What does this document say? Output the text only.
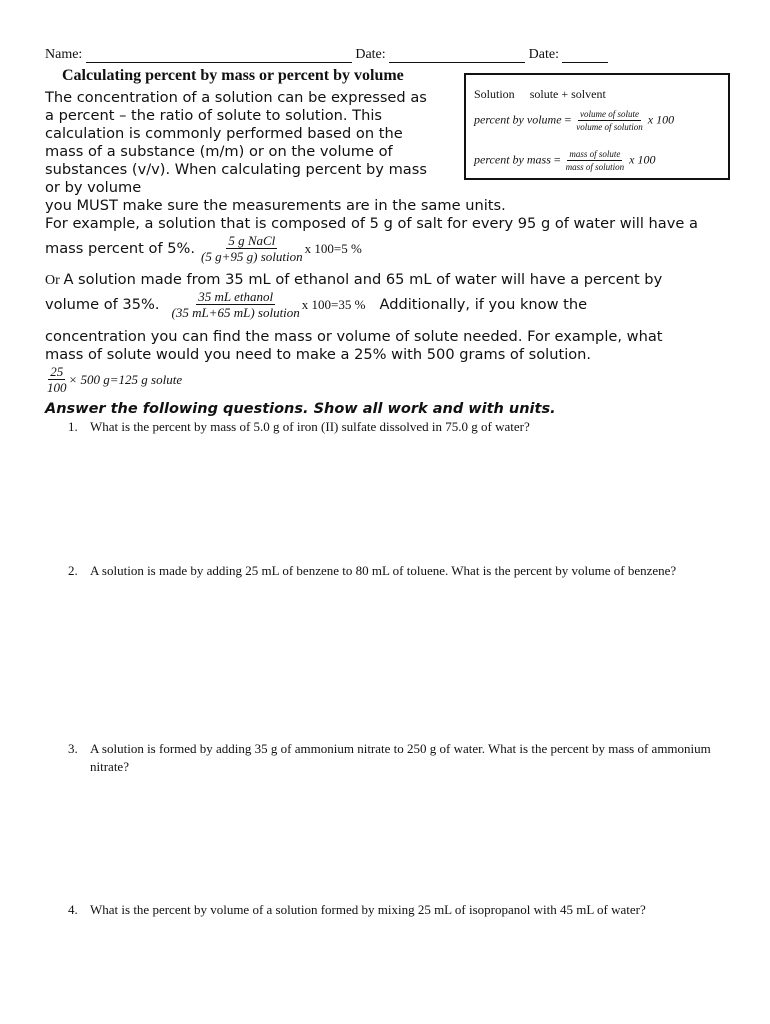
Name:	Date:	Date:
Calculating percent by mass or percent by volume
The concentration of a solution can be expressed as
a percent – the ratio of solute to solution. This
calculation is commonly performed based on the
mass of a substance (m/m) or on the volume of
substances (v/v). When calculating percent by mass
or by volume
you MUST make sure the measurements are in the same units.
Solution solute + solvent
percent by volume = $\frac{\text{volume of solute}}{\text{volume of solution}}$ x 100
percent by mass = $\frac{\text{mass of solute}}{\text{mass of solution}}$ x 100
For example, a solution that is composed of 5 g of salt for every 95 g of water will have a
mass percent of 5%. $\frac{\text{5 g NaCl}}{\text{(5 g+95 g) solution}}$ x 100=5 %
Or A solution made from 35 mL of ethanol and 65 mL of water will have a percent by
volume of 35%. $\frac{\text{35 mL ethanol}}{\text{(35 mL+65 mL) solution}}$ x 100=35 % Additionally, if you know the
concentration you can find the mass or volume of solute needed. For example, what
mass of solute would you need to make a 25% with 500 grams of solution.
$\frac{25}{100} \times 500$ g=125 g solute
Answer the following questions. Show all work and with units.
1. What is the percent by mass of 5.0 g of iron (II) sulfate dissolved in 75.0 g of water?
2. A solution is made by adding 25 mL of benzene to 80 mL of toluene. What is the percent by volume of benzene?
3. A solution is formed by adding 35 g of ammonium nitrate to 250 g of water. What is the percent by mass of ammonium nitrate?
4. What is the percent by volume of a solution formed by mixing 25 mL of isopropanol with 45 mL of water?
